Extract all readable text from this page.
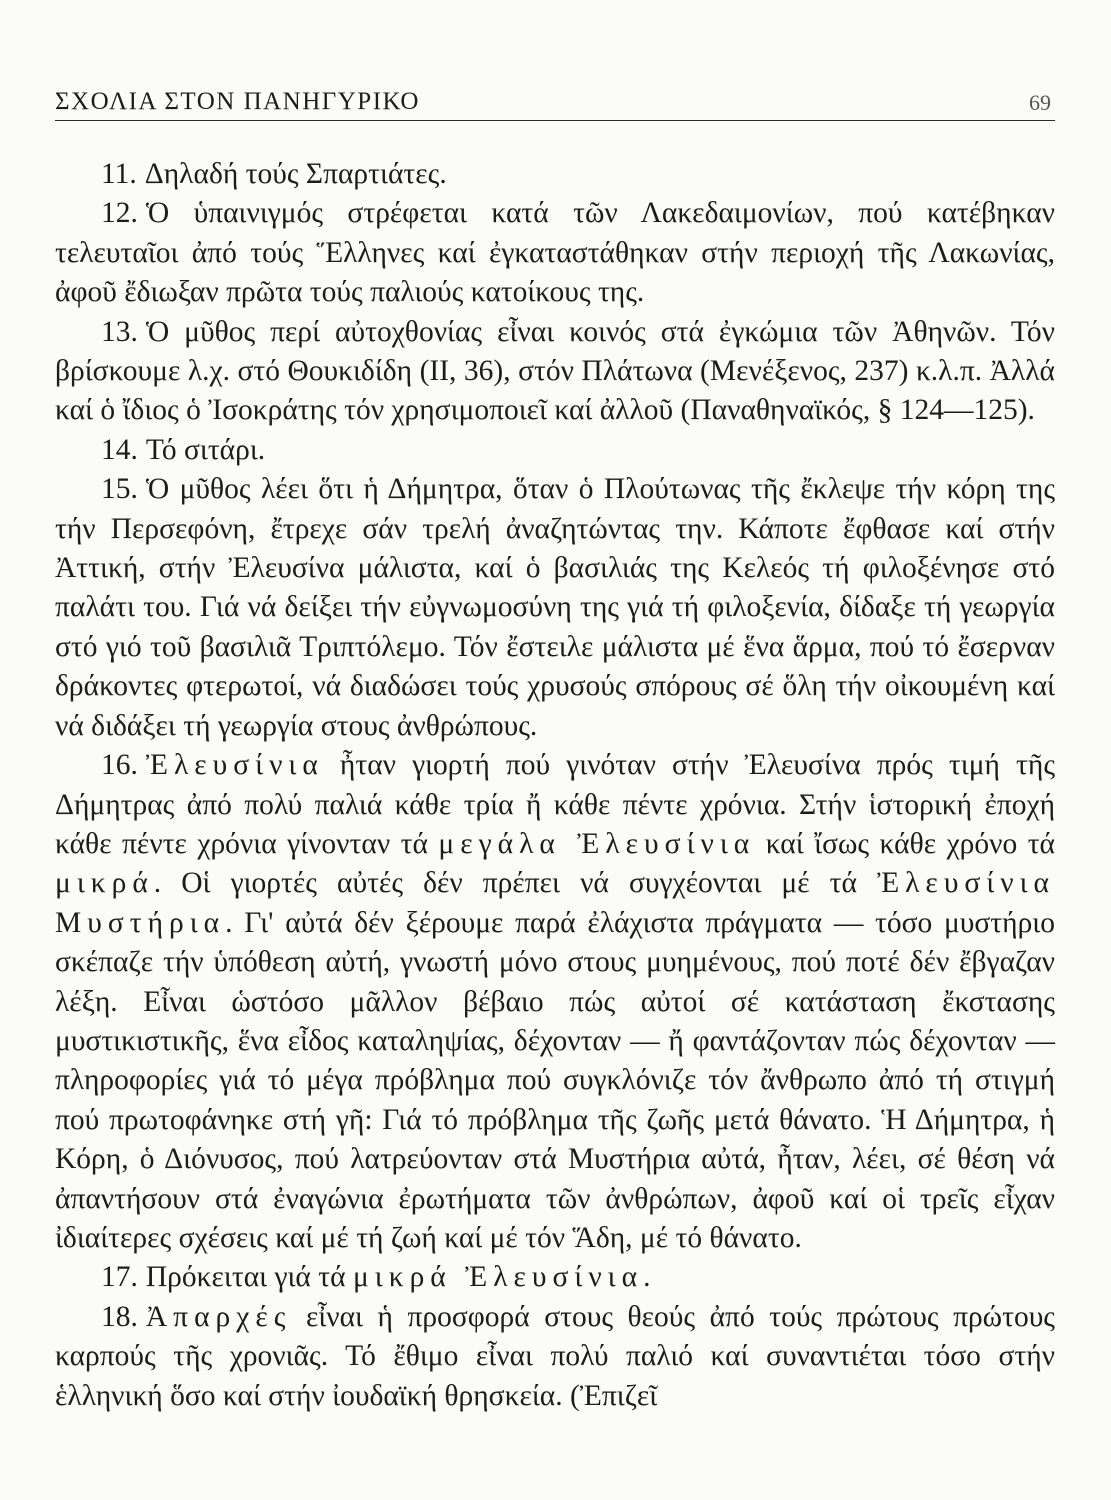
ΣΧΟΛΙΑ ΣΤΟΝ ΠΑΝΗΓΥΡΙΚΟ	69

11. Δηλαδή τούς Σπαρτιάτες.

12. Ὁ ὑπαινιγμός στρέφεται κατά τῶν Λακεδαιμονίων, πού κατέβηκαν τελευταῖοι ἀπό τούς Ἕλληνες καί ἐγκαταστάθηκαν στήν περιοχή τῆς Λακωνίας, ἀφοῦ ἔδιωξαν πρῶτα τούς παλιούς κατοίκους της.

13. Ὁ μῦθος περί αὐτοχθονίας εἶναι κοινός στά ἐγκώμια τῶν Ἀθηνῶν. Τόν βρίσκουμε λ.χ. στό Θουκιδίδη (ΙΙ, 36), στόν Πλάτωνα (Μενέξενος, 237) κ.λ.π. Ἀλλά καί ὁ ἴδιος ὁ Ἰσοκράτης τόν χρησιμοποιεῖ καί ἀλλοῦ (Παναθηναϊκός, § 124—125).

14. Τό σιτάρι.

15. Ὁ μῦθος λέει ὅτι ἡ Δήμητρα, ὅταν ὁ Πλούτωνας τῆς ἔκλεψε τήν κόρη της τήν Περσεφόνη, ἔτρεχε σάν τρελή ἀναζητώντας την. Κάποτε ἔφθασε καί στήν Ἀττική, στήν Ἐλευσίνα μάλιστα, καί ὁ βασιλιάς της Κελεός τή φιλοξένησε στό παλάτι του. Γιά νά δείξει τήν εὐγνωμοσύνη της γιά τή φιλοξενία, δίδαξε τή γεωργία στό γιό τοῦ βασιλιᾶ Τριπτόλεμο. Τόν ἔστειλε μάλιστα μέ ἕνα ἅρμα, πού τό ἔσερναν δράκοντες φτερωτοί, νά διαδώσει τούς χρυσούς σπόρους σέ ὅλη τήν οἰκουμένη καί νά διδάξει τή γεωργία στους ἀνθρώπους.

16. Ἐλευσίνια ἦταν γιορτή πού γινόταν στήν Ἐλευσίνα πρός τιμή τῆς Δήμητρας ἀπό πολύ παλιά κάθε τρία ἤ κάθε πέντε χρόνια. Στήν ἱστορική ἐποχή κάθε πέντε χρόνια γίνονταν τά μεγάλα Ἐλευσίνια καί ἴσως κάθε χρόνο τά μικρά. Οἱ γιορτές αὐτές δέν πρέπει νά συγχέονται μέ τά Ἐλευσίνια Μυστήρια. Γι' αὐτά δέν ξέρουμε παρά ἐλάχιστα πράγματα — τόσο μυστήριο σκέπαζε τήν ὑπόθεση αὐτή, γνωστή μόνο στους μυημένους, πού ποτέ δέν ἔβγαζαν λέξη. Εἶναι ὡστόσο μᾶλλον βέβαιο πώς αὐτοί σέ κατάσταση ἔκστασης μυστικιστικῆς, ἕνα εἶδος καταληψίας, δέχονταν — ἤ φαντάζονταν πώς δέχονταν — πληροφορίες γιά τό μέγα πρόβλημα πού συγκλόνιζε τόν ἄνθρωπο ἀπό τή στιγμή πού πρωτοφάνηκε στή γῆ: Γιά τό πρόβλημα τῆς ζωῆς μετά θάνατο. Ἡ Δήμητρα, ἡ Κόρη, ὁ Διόνυσος, πού λατρεύονταν στά Μυστήρια αὐτά, ἦταν, λέει, σέ θέση νά ἀπαντήσουν στά ἐναγώνια ἐρωτήματα τῶν ἀνθρώπων, ἀφοῦ καί οἱ τρεῖς εἶχαν ἰδιαίτερες σχέσεις καί μέ τή ζωή καί μέ τόν Ἅδη, μέ τό θάνατο.

17. Πρόκειται γιά τά μικρά Ἐλευσίνια.

18. Ἀπαρχές εἶναι ἡ προσφορά στους θεούς ἀπό τούς πρώτους πρώτους καρπούς τῆς χρονιᾶς. Τό ἔθιμο εἶναι πολύ παλιό καί συναντιέται τόσο στήν ἑλληνική ὅσο καί στήν ἰουδαϊκή θρησκεία. (Ἐπιζεῖ
